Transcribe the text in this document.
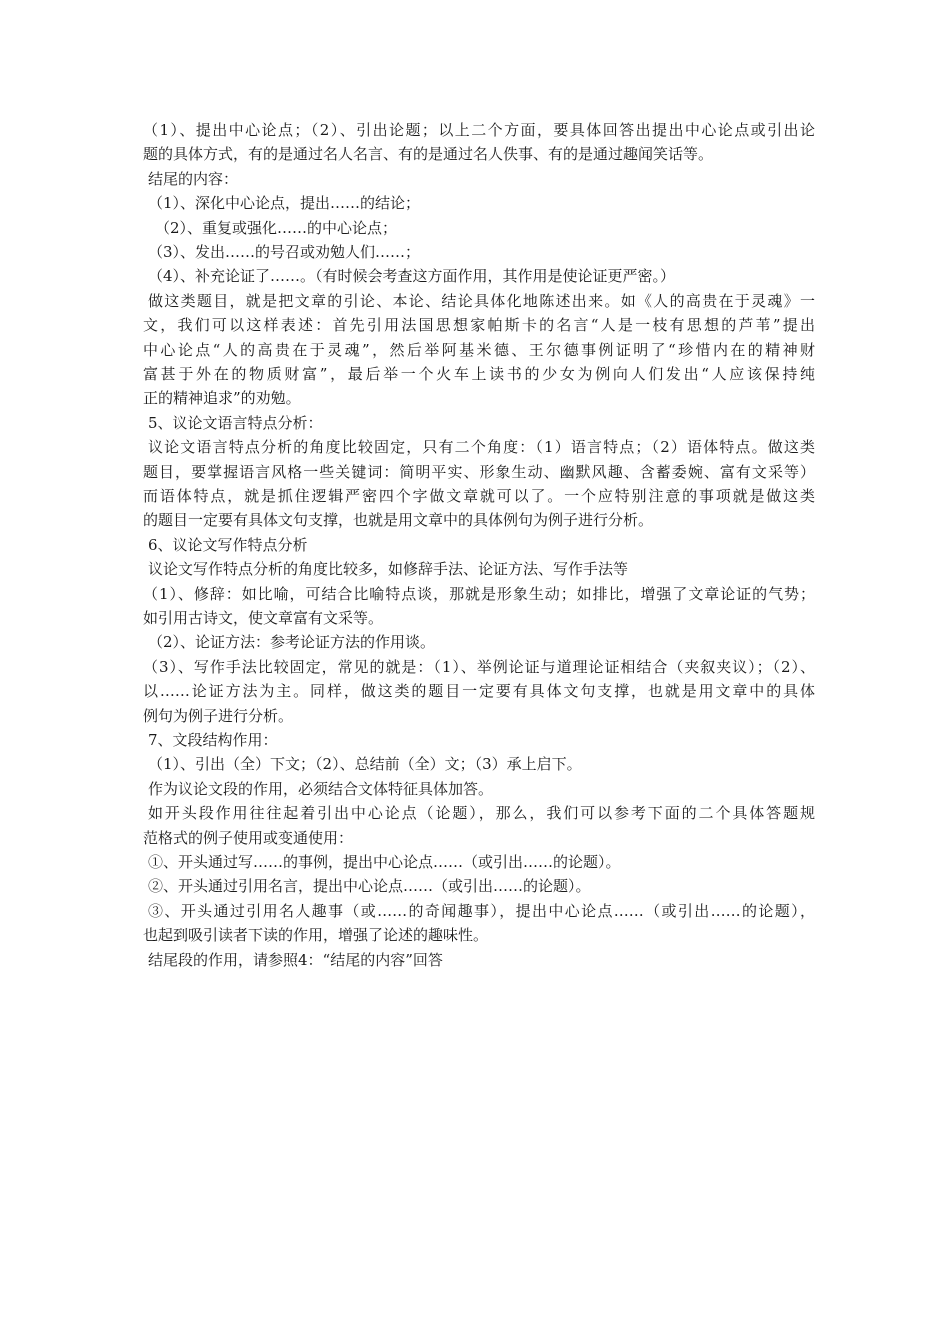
（1）、提出中心论点；（2）、引出论题；以上二个方面，要具体回答出提出中心论点或引出论
题的具体方式，有的是通过名人名言、有的是通过名人佚事、有的是通过趣闻笑话等。
结尾的内容：
（1）、深化中心论点，提出……的结论；
（2）、重复或强化……的中心论点；
（3）、发出……的号召或劝勉人们……；
（4）、补充论证了……。（有时候会考查这方面作用，其作用是使论证更严密。）
做这类题目，就是把文章的引论、本论、结论具体化地陈述出来。如《人的高贵在于灵魂》一
文，我们可以这样表述：首先引用法国思想家帕斯卡的名言“人是一枝有思想的芦苇”提出
中心论点“人的高贵在于灵魂”，然后举阿基米德、王尔德事例证明了“珍惜内在的精神财
富甚于外在的物质财富”，最后举一个火车上读书的少女为例向人们发出“人应该保持纯
正的精神追求”的劝勉。
5、议论文语言特点分析：
议论文语言特点分析的角度比较固定，只有二个角度：（1）语言特点；（2）语体特点。做这类
题目，要掌握语言风格一些关键词：简明平实、形象生动、幽默风趣、含蓄委婉、富有文采等）
而语体特点，就是抓住逻辑严密四个字做文章就可以了。一个应特别注意的事项就是做这类
的题目一定要有具体文句支撑，也就是用文章中的具体例句为例子进行分析。
6、议论文写作特点分析
议论文写作特点分析的角度比较多，如修辞手法、论证方法、写作手法等
（1）、修辞：如比喻，可结合比喻特点谈，那就是形象生动；如排比，增强了文章论证的气势；
如引用古诗文，使文章富有文采等。
（2）、论证方法：参考论证方法的作用谈。
（3）、写作手法比较固定，常见的就是：（1）、举例论证与道理论证相结合（夹叙夹议）；（2）、
以……论证方法为主。同样，做这类的题目一定要有具体文句支撑，也就是用文章中的具体
例句为例子进行分析。
7、文段结构作用：
（1）、引出（全）下文；（2）、总结前（全）文；（3）承上启下。
作为议论文段的作用，必须结合文体特征具体加答。
如开头段作用往往起着引出中心论点（论题），那么，我们可以参考下面的二个具体答题规
范格式的例子使用或变通使用：
①、开头通过写……的事例，提出中心论点……（或引出……的论题）。
②、开头通过引用名言，提出中心论点……（或引出……的论题）。
③、开头通过引用名人趣事（或……的奇闻趣事），提出中心论点……（或引出……的论题），
也起到吸引读者下读的作用，增强了论述的趣味性。
结尾段的作用，请参照4：“结尾的内容”回答
